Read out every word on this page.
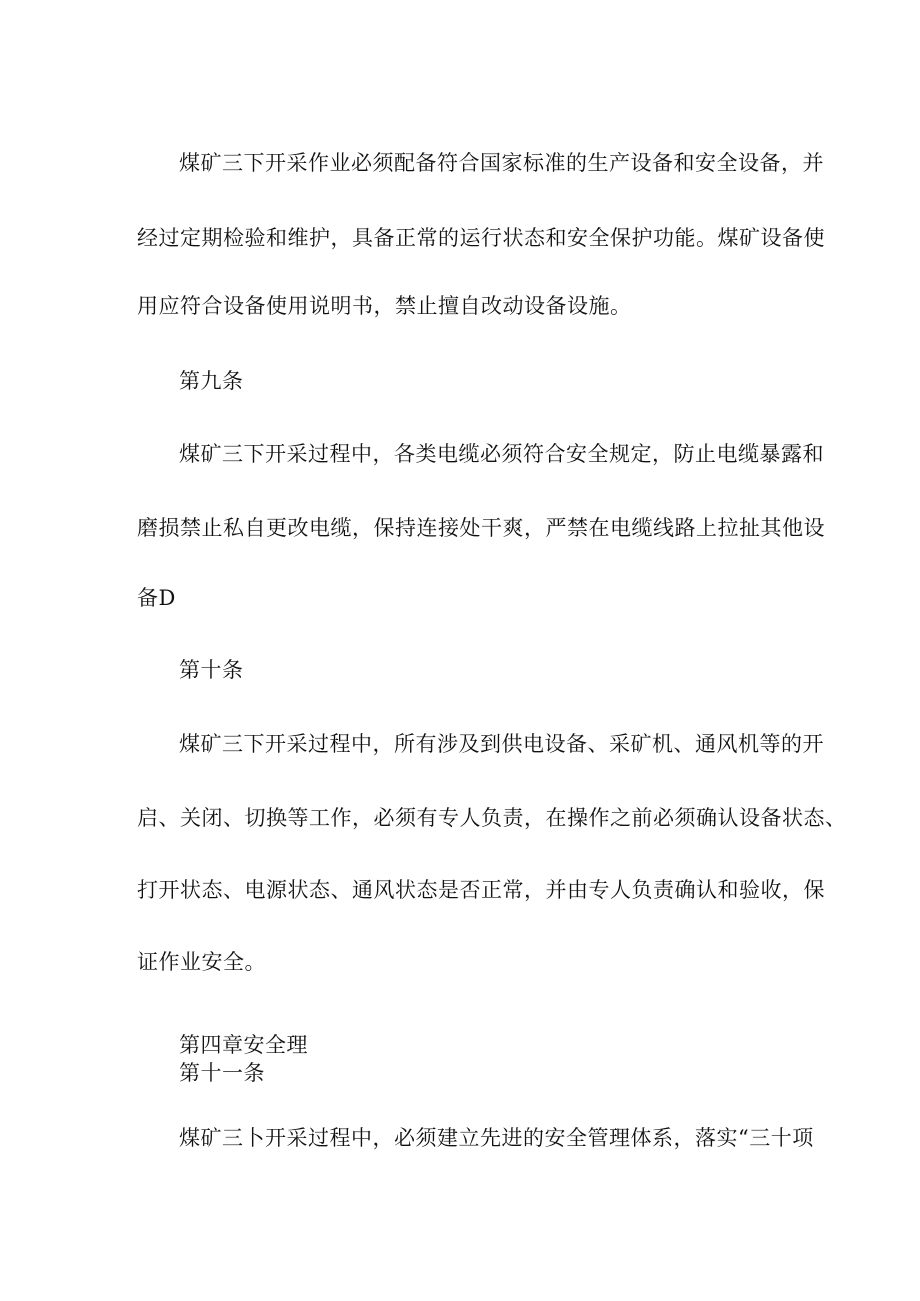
煤矿三下开采作业必须配备符合国家标准的生产设备和安全设备，并
经过定期检验和维护，具备正常的运行状态和安全保护功能。煤矿设备使
用应符合设备使用说明书，禁止擅自改动设备设施。
第九条
煤矿三下开采过程中，各类电缆必须符合安全规定，防止电缆暴露和
磨损禁止私自更改电缆，保持连接处干爽，严禁在电缆线路上拉扯其他设
备D
第十条
煤矿三下开采过程中，所有涉及到供电设备、采矿机、通风机等的开
启、关闭、切换等工作，必须有专人负责，在操作之前必须确认设备状态、
打开状态、电源状态、通风状态是否正常，并由专人负责确认和验收，保
证作业安全。
第四章安全理
第十一条
煤矿三卜开采过程中，必须建立先进的安全管理体系，落实“三十项
